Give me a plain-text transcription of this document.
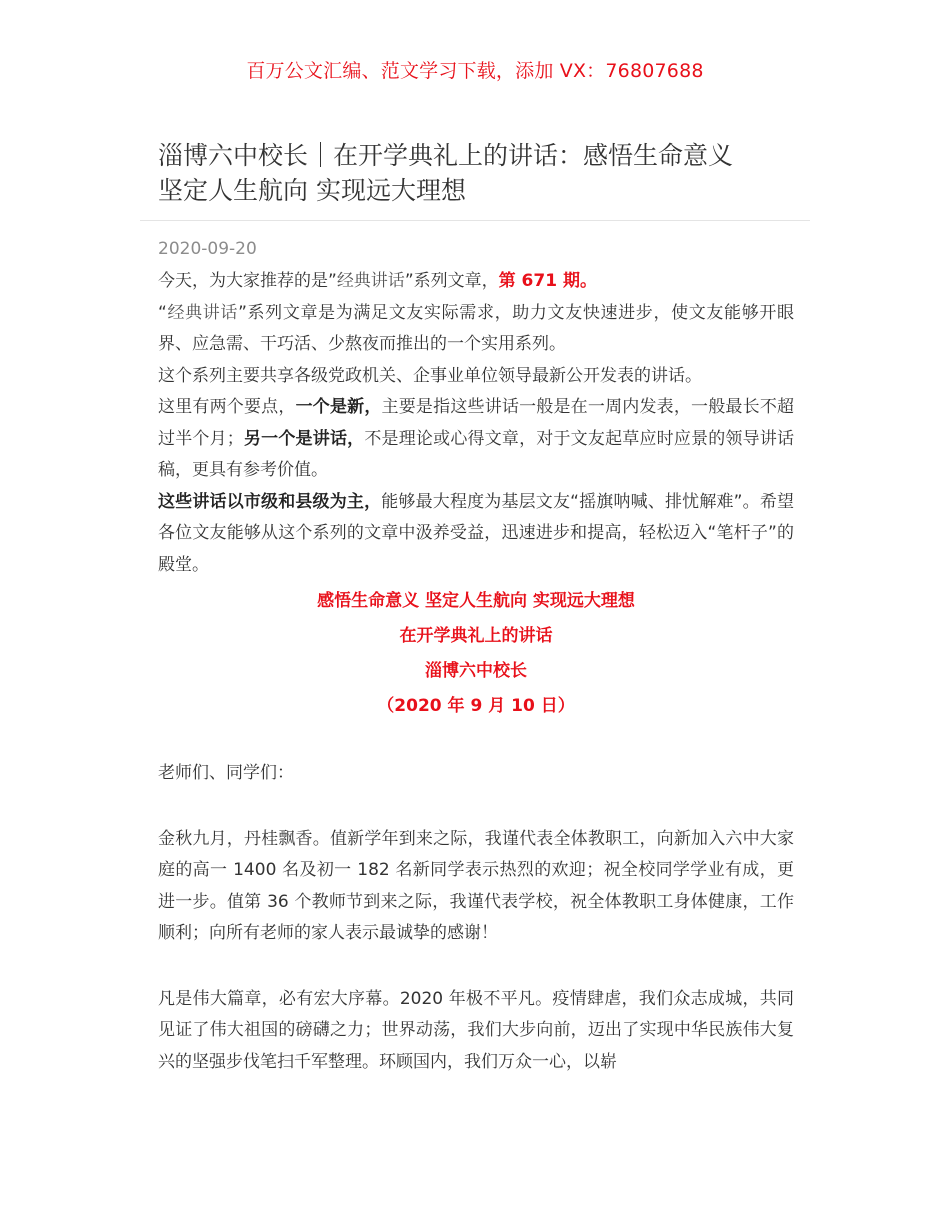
百万公文汇编、范文学习下载，添加 VX：76807688
淄博六中校长｜在开学典礼上的讲话：感悟生命意义
坚定人生航向 实现远大理想
2020-09-20

今天，为大家推荐的是”经典讲话”系列文章，第 671 期。

“经典讲话”系列文章是为满足文友实际需求，助力文友快速进步，使文友能够开眼界、应急需、干巧活、少熬夜而推出的一个实用系列。

这个系列主要共享各级党政机关、企事业单位领导最新公开发表的讲话。

这里有两个要点，一个是新，主要是指这些讲话一般是在一周内发表，一般最长不超过半个月；另一个是讲话，不是理论或心得文章，对于文友起草应时应景的领导讲话稿，更具有参考价值。

这些讲话以市级和县级为主，能够最大程度为基层文友“摇旗呐喊、排忧解难”。希望各位文友能够从这个系列的文章中汲养受益，迅速进步和提高，轻松迈入“笔杆子”的殿堂。

感悟生命意义 坚定人生航向 实现远大理想

在开学典礼上的讲话

淄博六中校长

（2020 年 9 月 10 日）

老师们、同学们：

金秋九月，丹桂飘香。值新学年到来之际，我谨代表全体教职工，向新加入六中大家庭的高一 1400 名及初一 182 名新同学表示热烈的欢迎；祝全校同学学业有成，更进一步。值第 36 个教师节到来之际，我谨代表学校，祝全体教职工身体健康，工作顺利；向所有老师的家人表示最诚挚的感谢！

凡是伟大篇章，必有宏大序幕。2020 年极不平凡。疫情肆虐，我们众志成城，共同见证了伟大祖国的磅礴之力；世界动荡，我们大步向前，迈出了实现中华民族伟大复兴的坚强步伐笔扫千军整理。环顾国内，我们万众一心，以崭
